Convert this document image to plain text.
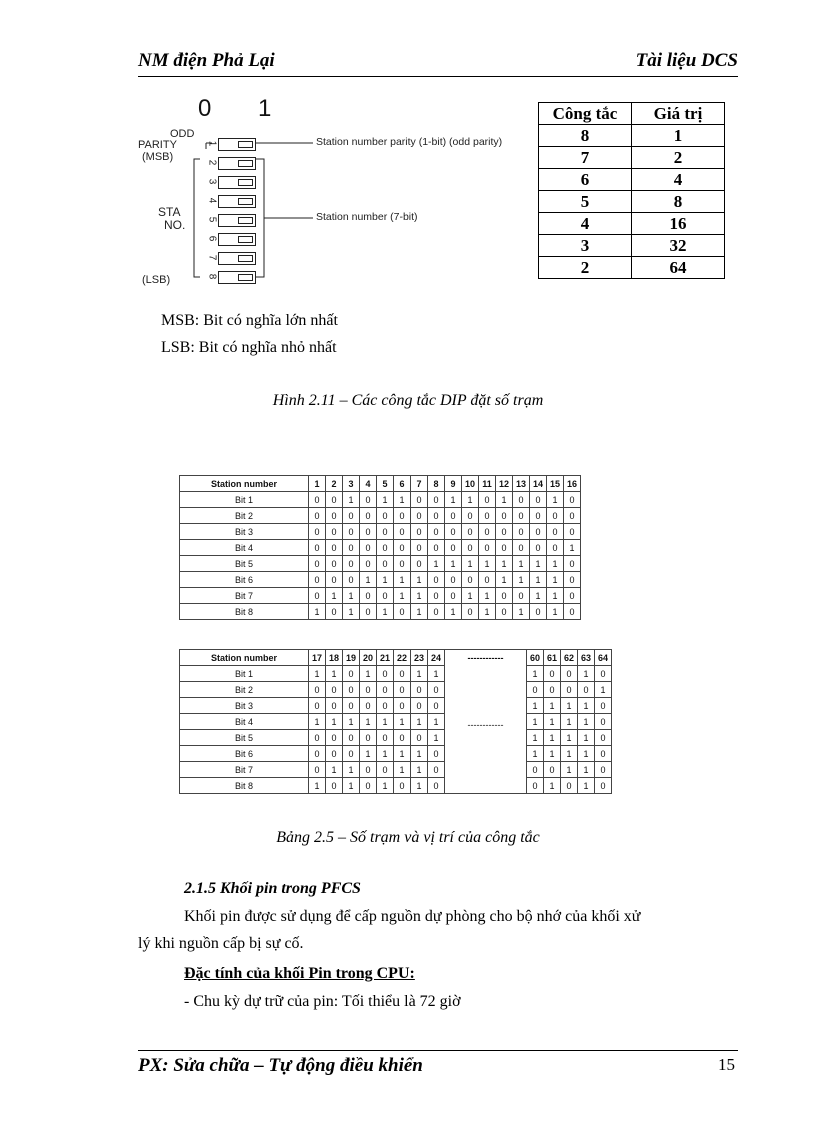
NM điện Phả Lại	Tài liệu DCS
0 1
ODD
PARITY
(MSB)
STA
NO.
(LSB)
Station number parity (1-bit) (odd parity)
Station number (7-bit)
1
2
3
4
5
6
7
8
Công tắc	Giá trị
8	1
7	2
6	4
5	8
4	16
3	32
2	64
MSB: Bit có nghĩa lớn nhất
LSB: Bit có nghĩa nhỏ nhất
Hình 2.11 – Các công tắc DIP đặt số trạm
Station number	1	2	3	4	5	6	7	8	9	10	11	12	13	14	15	16
Bit 1	0	0	1	0	1	1	0	0	1	1	0	1	0	0	1	0
Bit 2	0	0	0	0	0	0	0	0	0	0	0	0	0	0	0	0
Bit 3	0	0	0	0	0	0	0	0	0	0	0	0	0	0	0	0
Bit 4	0	0	0	0	0	0	0	0	0	0	0	0	0	0	0	1
Bit 5	0	0	0	0	0	0	0	1	1	1	1	1	1	1	1	0
Bit 6	0	0	0	1	1	1	1	0	0	0	0	1	1	1	1	0
Bit 7	0	1	1	0	0	1	1	0	0	1	1	0	0	1	1	0
Bit 8	1	0	1	0	1	0	1	0	1	0	1	0	1	0	1	0
Station number	17	18	19	20	21	22	23	24	------------	60	61	62	63	64
Bit 1	1	1	0	1	0	0	1	1		1	0	0	1	0
Bit 2	0	0	0	0	0	0	0	0		0	0	0	0	1
Bit 3	0	0	0	0	0	0	0	0		1	1	1	1	0
Bit 4	1	1	1	1	1	1	1	1	------------	1	1	1	1	0
Bit 5	0	0	0	0	0	0	0	1		1	1	1	1	0
Bit 6	0	0	0	1	1	1	1	0		1	1	1	1	0
Bit 7	0	1	1	0	0	1	1	0		0	0	1	1	0
Bit 8	1	0	1	0	1	0	1	0		0	1	0	1	0
Bảng 2.5 – Số trạm và vị trí của công tắc
2.1.5 Khối pin trong PFCS
Khối pin được sử dụng để cấp nguồn dự phòng cho bộ nhớ của khối xử
lý khi nguồn cấp bị sự cố.
Đặc tính của khối Pin trong CPU:
- Chu kỳ dự trữ của pin: Tối thiểu là 72 giờ
PX: Sửa chữa – Tự động điều khiển	15
